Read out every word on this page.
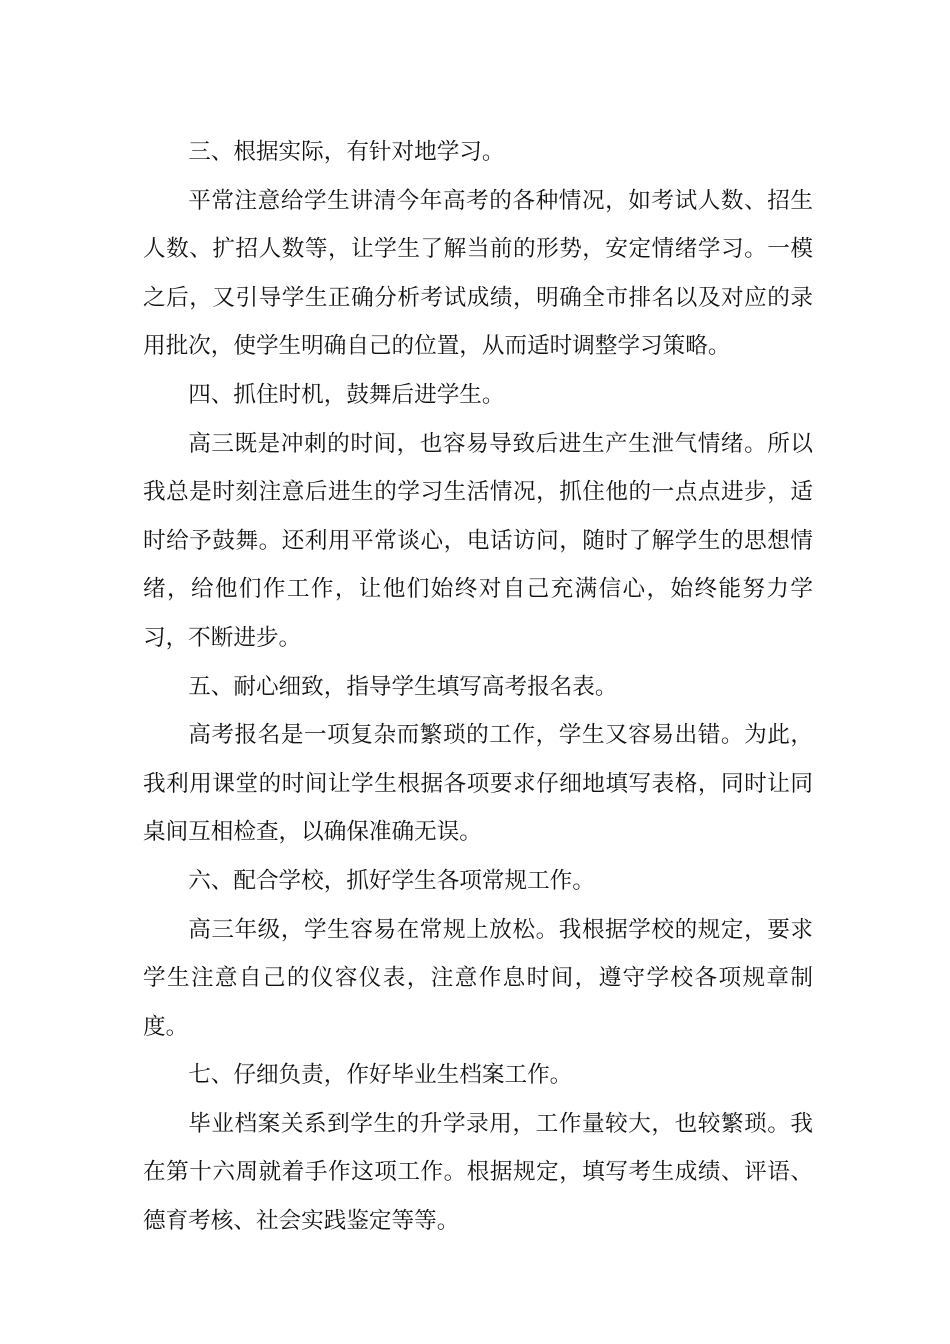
三、根据实际，有针对地学习。

平常注意给学生讲清今年高考的各种情况，如考试人数、招生人数、扩招人数等，让学生了解当前的形势，安定情绪学习。一模之后，又引导学生正确分析考试成绩，明确全市排名以及对应的录用批次，使学生明确自己的位置，从而适时调整学习策略。

四、抓住时机，鼓舞后进学生。

高三既是冲刺的时间，也容易导致后进生产生泄气情绪。所以我总是时刻注意后进生的学习生活情况，抓住他的一点点进步，适时给予鼓舞。还利用平常谈心，电话访问，随时了解学生的思想情绪，给他们作工作，让他们始终对自己充满信心，始终能努力学习，不断进步。

五、耐心细致，指导学生填写高考报名表。

高考报名是一项复杂而繁琐的工作，学生又容易出错。为此，我利用课堂的时间让学生根据各项要求仔细地填写表格，同时让同桌间互相检查，以确保准确无误。

六、配合学校，抓好学生各项常规工作。

高三年级，学生容易在常规上放松。我根据学校的规定，要求学生注意自己的仪容仪表，注意作息时间，遵守学校各项规章制度。

七、仔细负责，作好毕业生档案工作。

毕业档案关系到学生的升学录用，工作量较大，也较繁琐。我在第十六周就着手作这项工作。根据规定，填写考生成绩、评语、德育考核、社会实践鉴定等等。
